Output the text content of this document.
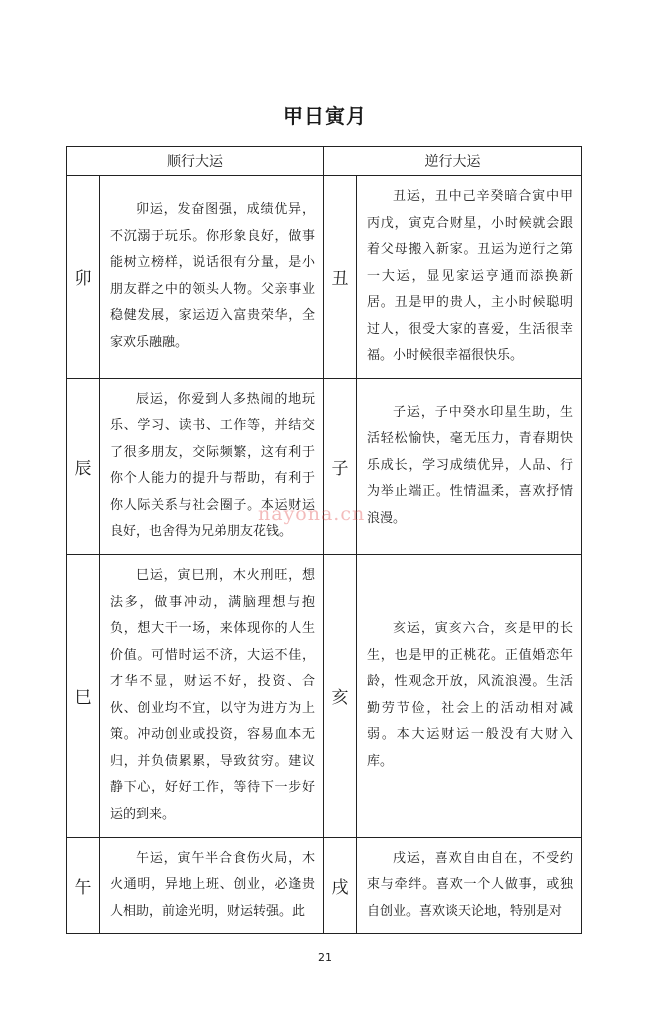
甲日寅月
顺行大运		逆行大运	
卯	卯运，发奋图强，成绩优异，不沉溺于玩乐。你形象良好，做事能树立榜样，说话很有分量，是小朋友群之中的领头人物。父亲事业稳健发展，家运迈入富贵荣华，全家欢乐融融。	丑	丑运，丑中己辛癸暗合寅中甲丙戊，寅克合财星，小时候就会跟着父母搬入新家。丑运为逆行之第一大运，显见家运亨通而添换新居。丑是甲的贵人，主小时候聪明过人，很受大家的喜爱，生活很幸福。小时候很幸福很快乐。

辰	辰运，你爱到人多热闹的地玩乐、学习、读书、工作等，并结交了很多朋友，交际频繁，这有利于你个人能力的提升与帮助，有利于你人际关系与社会圈子。本运财运良好，也舍得为兄弟朋友花钱。	子	子运，子中癸水印星生助，生活轻松愉快，毫无压力，青春期快乐成长，学习成绩优异，人品、行为举止端正。性情温柔，喜欢抒情浪漫。

巳	巳运，寅巳刑，木火刑旺，想法多，做事冲动，满脑理想与抱负，想大干一场，来体现你的人生价值。可惜时运不济，大运不佳，才华不显，财运不好，投资、合伙、创业均不宜，以守为进方为上策。冲动创业或投资，容易血本无归，并负债累累，导致贫穷。建议静下心，好好工作，等待下一步好运的到来。	亥	亥运，寅亥六合，亥是甲的长生，也是甲的正桃花。正值婚恋年龄，性观念开放，风流浪漫。生活勤劳节俭，社会上的活动相对减弱。本大运财运一般没有大财入库。

午	午运，寅午半合食伤火局，木火通明，异地上班、创业，必逢贵人相助，前途光明，财运转强。此	戌	戌运，喜欢自由自在，不受约束与牵绊。喜欢一个人做事，或独自创业。喜欢谈天论地，特别是对
nayona.cn
21
